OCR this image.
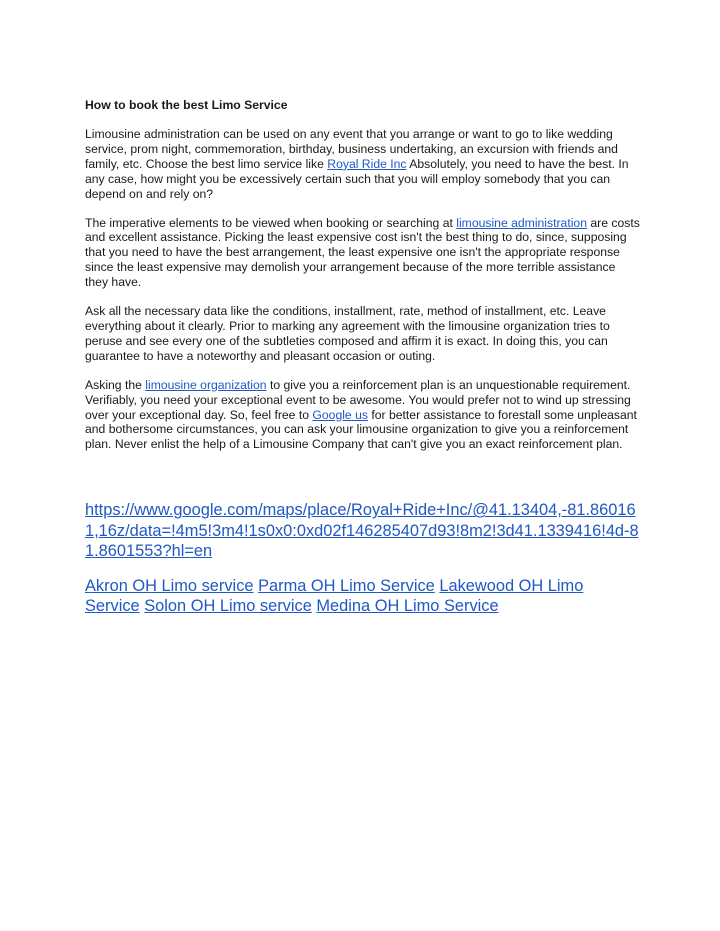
How to book the best Limo Service

Limousine administration can be used on any event that you arrange or want to go to like wedding service, prom night, commemoration, birthday, business undertaking, an excursion with friends and family, etc. Choose the best limo service like Royal Ride Inc Absolutely, you need to have the best. In any case, how might you be excessively certain such that you will employ somebody that you can depend on and rely on?

The imperative elements to be viewed when booking or searching at limousine administration are costs and excellent assistance. Picking the least expensive cost isn't the best thing to do, since, supposing that you need to have the best arrangement, the least expensive one isn't the appropriate response since the least expensive may demolish your arrangement because of the more terrible assistance they have.

Ask all the necessary data like the conditions, installment, rate, method of installment, etc. Leave everything about it clearly. Prior to marking any agreement with the limousine organization tries to peruse and see every one of the subtleties composed and affirm it is exact. In doing this, you can guarantee to have a noteworthy and pleasant occasion or outing.

Asking the limousine organization to give you a reinforcement plan is an unquestionable requirement. Verifiably, you need your exceptional event to be awesome. You would prefer not to wind up stressing over your exceptional day. So, feel free to Google us for better assistance to forestall some unpleasant and bothersome circumstances, you can ask your limousine organization to give you a reinforcement plan. Never enlist the help of a Limousine Company that can't give you an exact reinforcement plan.

https://www.google.com/maps/place/Royal+Ride+Inc/@41.13404,-81.860161,16z/data=!4m5!3m4!1s0x0:0xd02f146285407d93!8m2!3d41.1339416!4d-81.8601553?hl=en

Akron OH Limo service Parma OH Limo Service Lakewood OH Limo Service Solon OH Limo service Medina OH Limo Service
